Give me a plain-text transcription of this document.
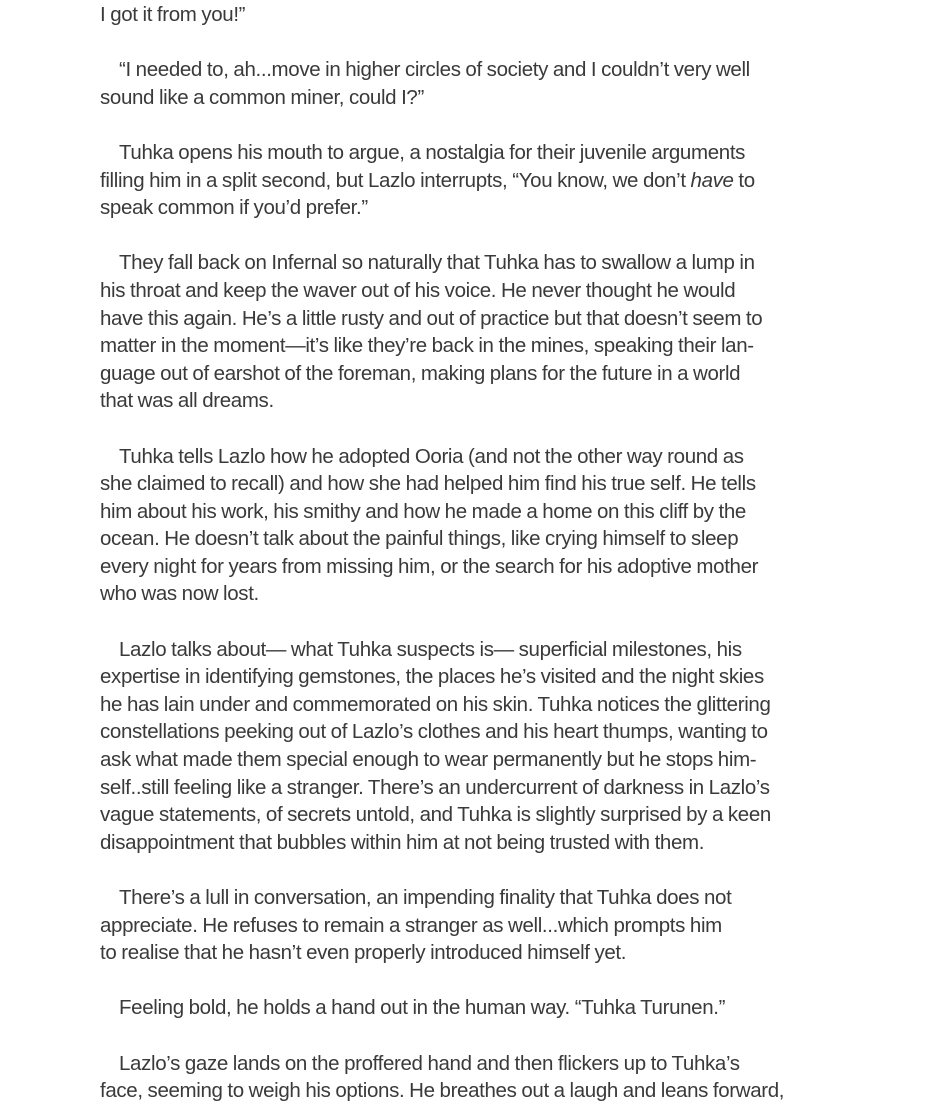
I got it from you!”
“I needed to, ah...move in higher circles of society and I couldn’t very well
sound like a common miner, could I?”
Tuhka opens his mouth to argue, a nostalgia for their juvenile arguments
filling him in a split second, but Lazlo interrupts, “You know, we don’t have to
speak common if you’d prefer.”
They fall back on Infernal so naturally that Tuhka has to swallow a lump in
his throat and keep the waver out of his voice. He never thought he would
have this again. He’s a little rusty and out of practice but that doesn’t seem to
matter in the moment—it’s like they’re back in the mines, speaking their lan-
guage out of earshot of the foreman, making plans for the future in a world
that was all dreams.
Tuhka tells Lazlo how he adopted Ooria (and not the other way round as
she claimed to recall) and how she had helped him find his true self. He tells
him about his work, his smithy and how he made a home on this cliff by the
ocean. He doesn’t talk about the painful things, like crying himself to sleep
every night for years from missing him, or the search for his adoptive mother
who was now lost.
Lazlo talks about— what Tuhka suspects is— superficial milestones, his
expertise in identifying gemstones, the places he’s visited and the night skies
he has lain under and commemorated on his skin. Tuhka notices the glittering
constellations peeking out of Lazlo’s clothes and his heart thumps, wanting to
ask what made them special enough to wear permanently but he stops him-
self..still feeling like a stranger. There’s an undercurrent of darkness in Lazlo’s
vague statements, of secrets untold, and Tuhka is slightly surprised by a keen
disappointment that bubbles within him at not being trusted with them.
There’s a lull in conversation, an impending finality that Tuhka does not
appreciate. He refuses to remain a stranger as well...which prompts him
to realise that he hasn’t even properly introduced himself yet.
Feeling bold, he holds a hand out in the human way. “Tuhka Turunen.”
Lazlo’s gaze lands on the proffered hand and then flickers up to Tuhka’s
face, seeming to weigh his options. He breathes out a laugh and leans forward,
